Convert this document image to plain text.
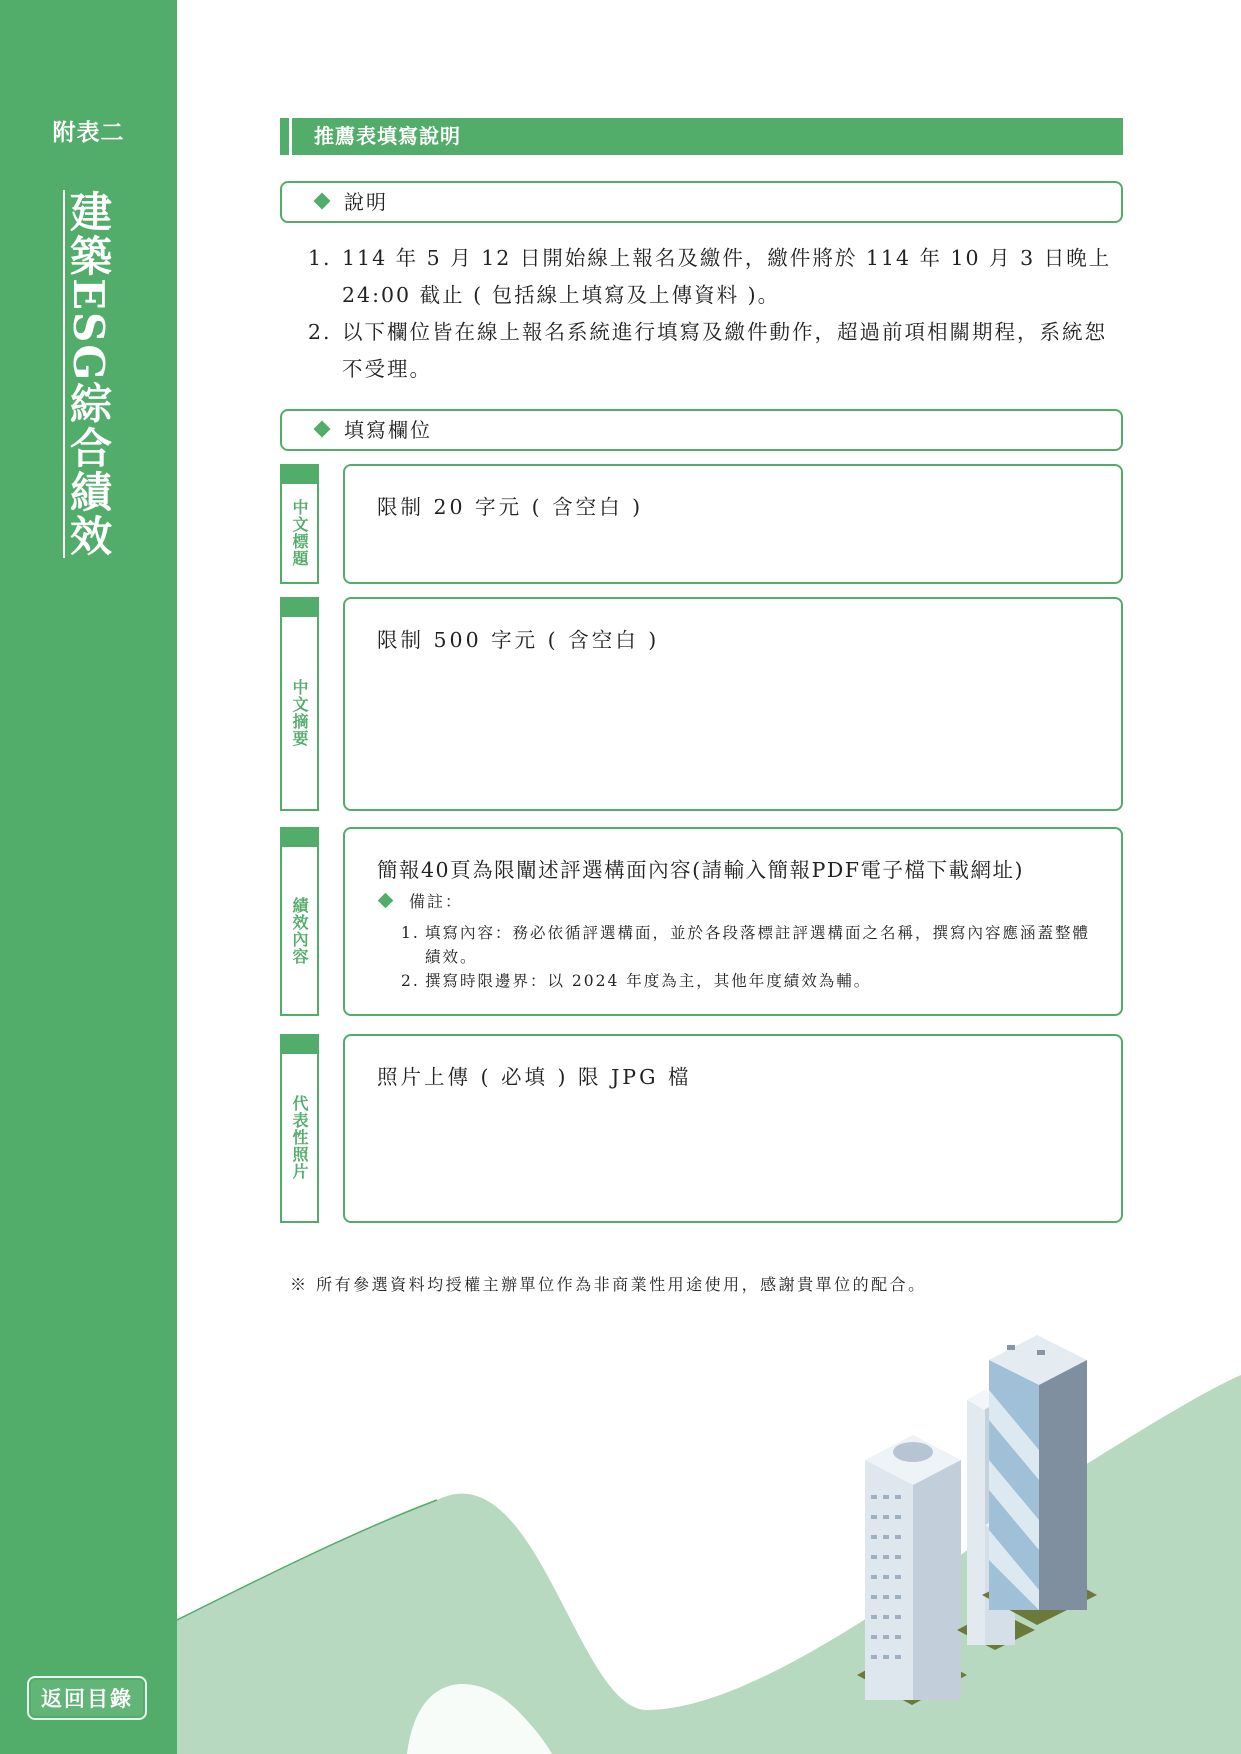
附表二
建築ESG綜合績效
返回目錄
推薦表填寫說明
說明
1. 114 年 5 月 12 日開始線上報名及繳件，繳件將於 114 年 10 月 3 日晚上 24:00 截止 ( 包括線上填寫及上傳資料 )。
2. 以下欄位皆在線上報名系統進行填寫及繳件動作，超過前項相關期程，系統恕不受理。
填寫欄位
中文標題	限制 20 字元 ( 含空白 )
中文摘要
限制 500 字元 ( 含空白 )
績效內容
簡報40頁為限闡述評選構面內容(請輸入簡報PDF電子檔下載網址)
備註：
1. 填寫內容：務必依循評選構面，並於各段落標註評選構面之名稱，撰寫內容應涵蓋整體績效。
2. 撰寫時限邊界：以 2024 年度為主，其他年度績效為輔。
代表性照片
照片上傳 ( 必填 ) 限 JPG 檔
※ 所有參選資料均授權主辦單位作為非商業性用途使用，感謝貴單位的配合。
